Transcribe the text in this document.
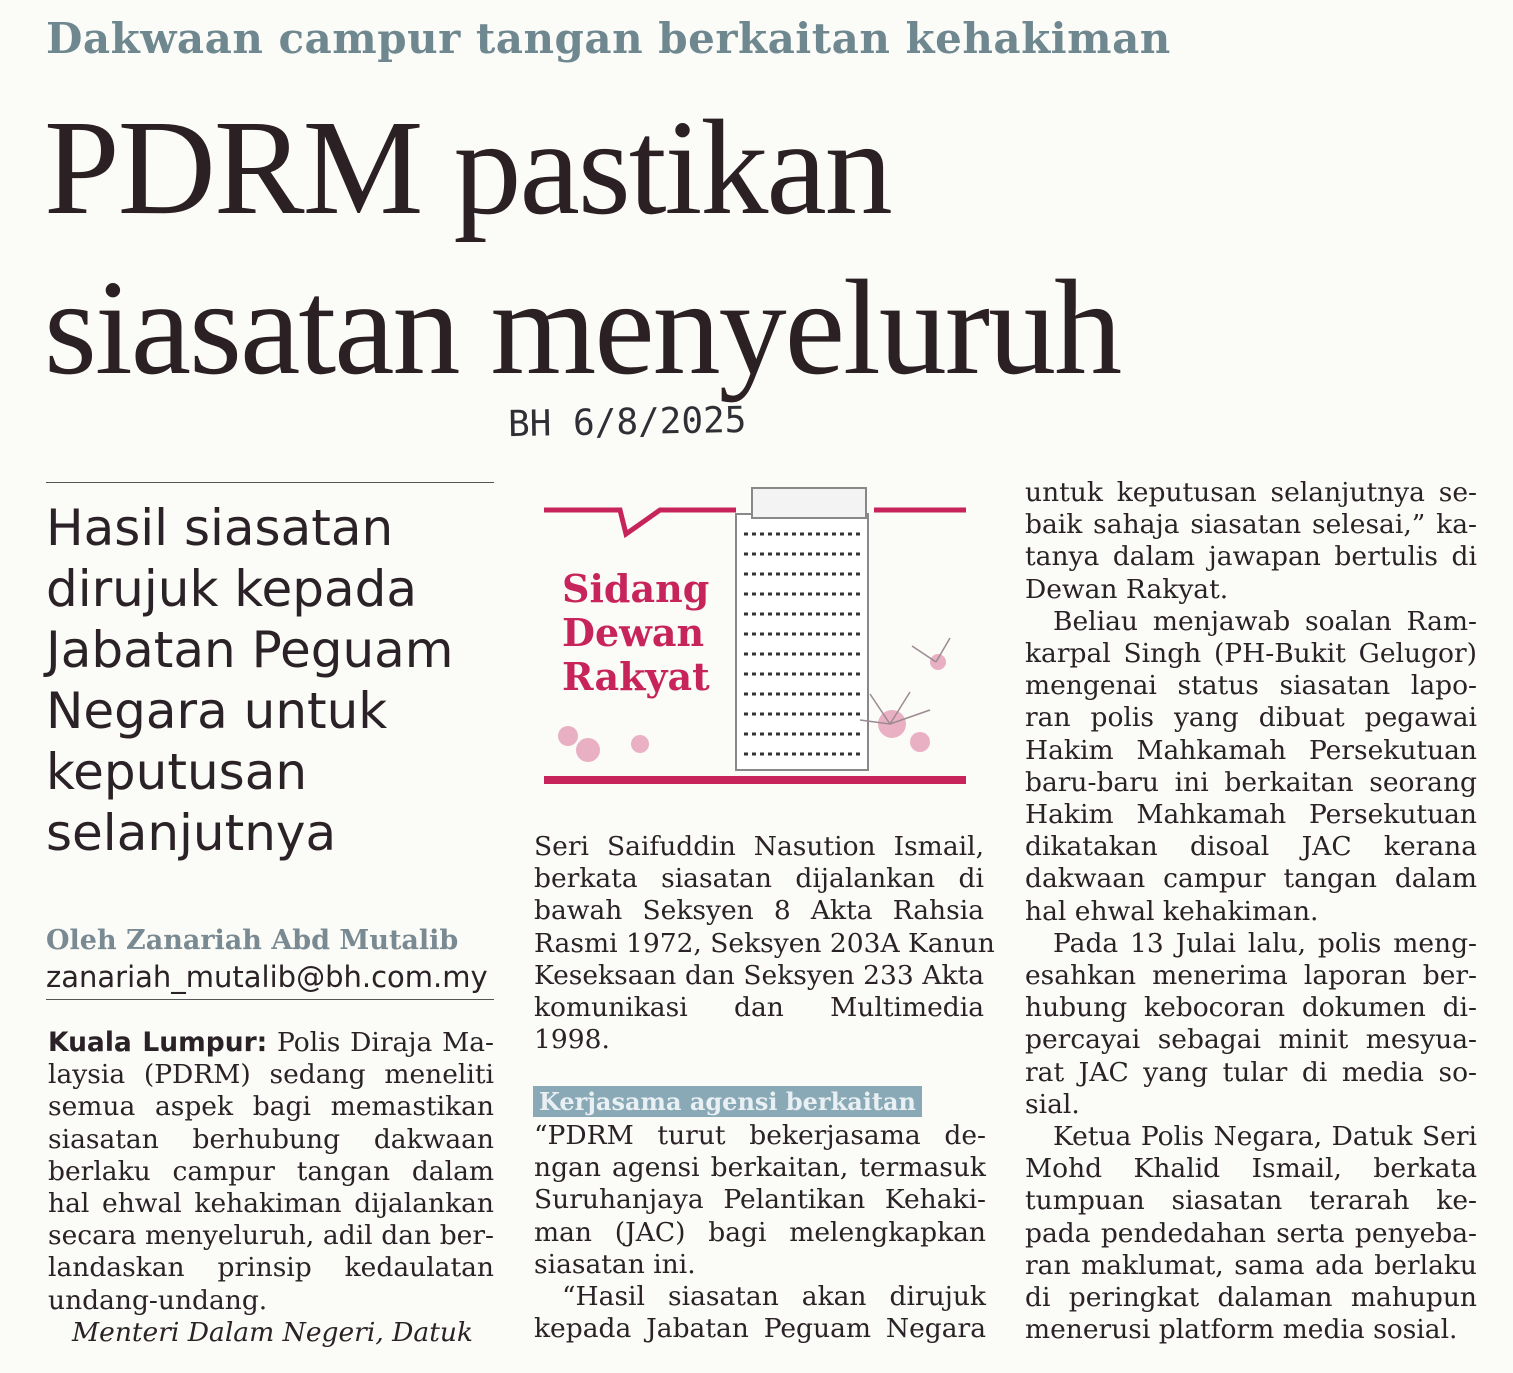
Dakwaan campur tangan berkaitan kehakiman
PDRM pastikan
siasatan menyeluruh
BH 6/8/2025
Hasil siasatan
dirujuk kepada
Jabatan Peguam
Negara untuk
keputusan
selanjutnya
Oleh Zanariah Abd Mutalib
zanariah_mutalib@bh.com.my
Kuala Lumpur: Polis Diraja Ma-
laysia (PDRM) sedang meneliti
semua aspek bagi memastikan
siasatan berhubung dakwaan
berlaku campur tangan dalam
hal ehwal kehakiman dijalankan
secara menyeluruh, adil dan ber-
landaskan prinsip kedaulatan
undang-undang.
Menteri Dalam Negeri, Datuk
Sidang
Dewan
Rakyat
Seri Saifuddin Nasution Ismail,
berkata siasatan dijalankan di
bawah Seksyen 8 Akta Rahsia
Rasmi 1972, Seksyen 203A Kanun
Keseksaan dan Seksyen 233 Akta
komunikasi dan Multimedia
1998.
Kerjasama agensi berkaitan
“PDRM turut bekerjasama de-
ngan agensi berkaitan, termasuk
Suruhanjaya Pelantikan Kehaki-
man (JAC) bagi melengkapkan
siasatan ini.
“Hasil siasatan akan dirujuk
kepada Jabatan Peguam Negara
untuk keputusan selanjutnya se-
baik sahaja siasatan selesai,” ka-
tanya dalam jawapan bertulis di
Dewan Rakyat.
Beliau menjawab soalan Ram-
karpal Singh (PH-Bukit Gelugor)
mengenai status siasatan lapo-
ran polis yang dibuat pegawai
Hakim Mahkamah Persekutuan
baru-baru ini berkaitan seorang
Hakim Mahkamah Persekutuan
dikatakan disoal JAC kerana
dakwaan campur tangan dalam
hal ehwal kehakiman.
Pada 13 Julai lalu, polis meng-
esahkan menerima laporan ber-
hubung kebocoran dokumen di-
percayai sebagai minit mesyua-
rat JAC yang tular di media so-
sial.
Ketua Polis Negara, Datuk Seri
Mohd Khalid Ismail, berkata
tumpuan siasatan terarah ke-
pada pendedahan serta penyeba-
ran maklumat, sama ada berlaku
di peringkat dalaman mahupun
menerusi platform media sosial.
